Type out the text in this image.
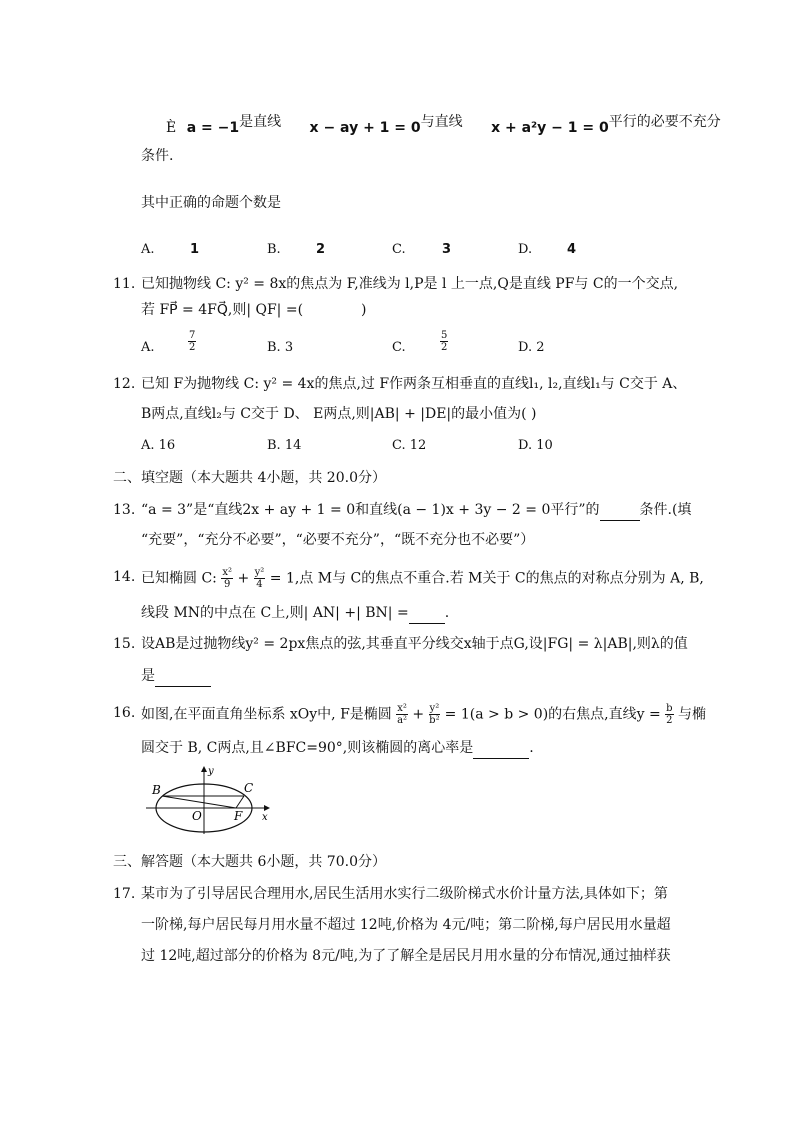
È a = −1是直线 x − ay + 1 = 0与直线 x + a²y − 1 = 0平行的必要不充分
条件.
其中正确的命题个数是
A.	1	B.	2	C.	3	D.	4
11. 已知抛物线 C: y² = 8x的焦点为 F,准线为 l,P是 l 上一点,Q是直线 PF与 C的一个交点,
若 FP⃗ = 4FQ⃗,则| QF| =(	)
A.	$\frac{7}{2}$	B. 3	C.	$\frac{5}{2}$	D. 2
12. 已知 F为抛物线 C: y² = 4x的焦点,过 F作两条互相垂直的直线l₁, l₂,直线l₁与 C交于 A、
B两点,直线l₂与 C交于 D、 E两点,则|AB| + |DE|的最小值为( )
A. 16	B. 14	C. 12	D. 10
二、填空题（本大题共 4小题，共 20.0分）
13. “a = 3”是“直线2x + ay + 1 = 0和直线(a − 1)x + 3y − 2 = 0平行”的	条件.(填
“充要”，“充分不必要”，“必要不充分”，“既不充分也不必要”）
14. 已知椭圆 C: $\frac{\text{x²}}{9} + \frac{\text{y²}}{4} = 1$,点 M与 C的焦点不重合.若 M关于 C的焦点的对称点分别为 A, B,
线段 MN的中点在 C上,则| AN| +| BN| =	.
15. 设AB是过抛物线y² = 2px焦点的弦,其垂直平分线交x轴于点G,设|FG| = λ|AB|,则λ的值
是
16. 如图,在平面直角坐标系 xOy中, F是椭圆 $\frac{\text{x²}}{\text{a²}} + \frac{\text{y²}}{\text{b²}} = 1(a > b > 0)$的右焦点,直线$y = \frac{b}{2}$ 与椭
圆交于 B, C两点,且∠BFC=90°,则该椭圆的离心率是	.
y
B	C
O	F x
三、解答题（本大题共 6小题，共 70.0分）
17. 某市为了引导居民合理用水,居民生活用水实行二级阶梯式水价计量方法,具体如下；第
一阶梯,每户居民每月用水量不超过 12吨,价格为 4元/吨；第二阶梯,每户居民用水量超
过 12吨,超过部分的价格为 8元/吨,为了了解全是居民月用水量的分布情况,通过抽样获
